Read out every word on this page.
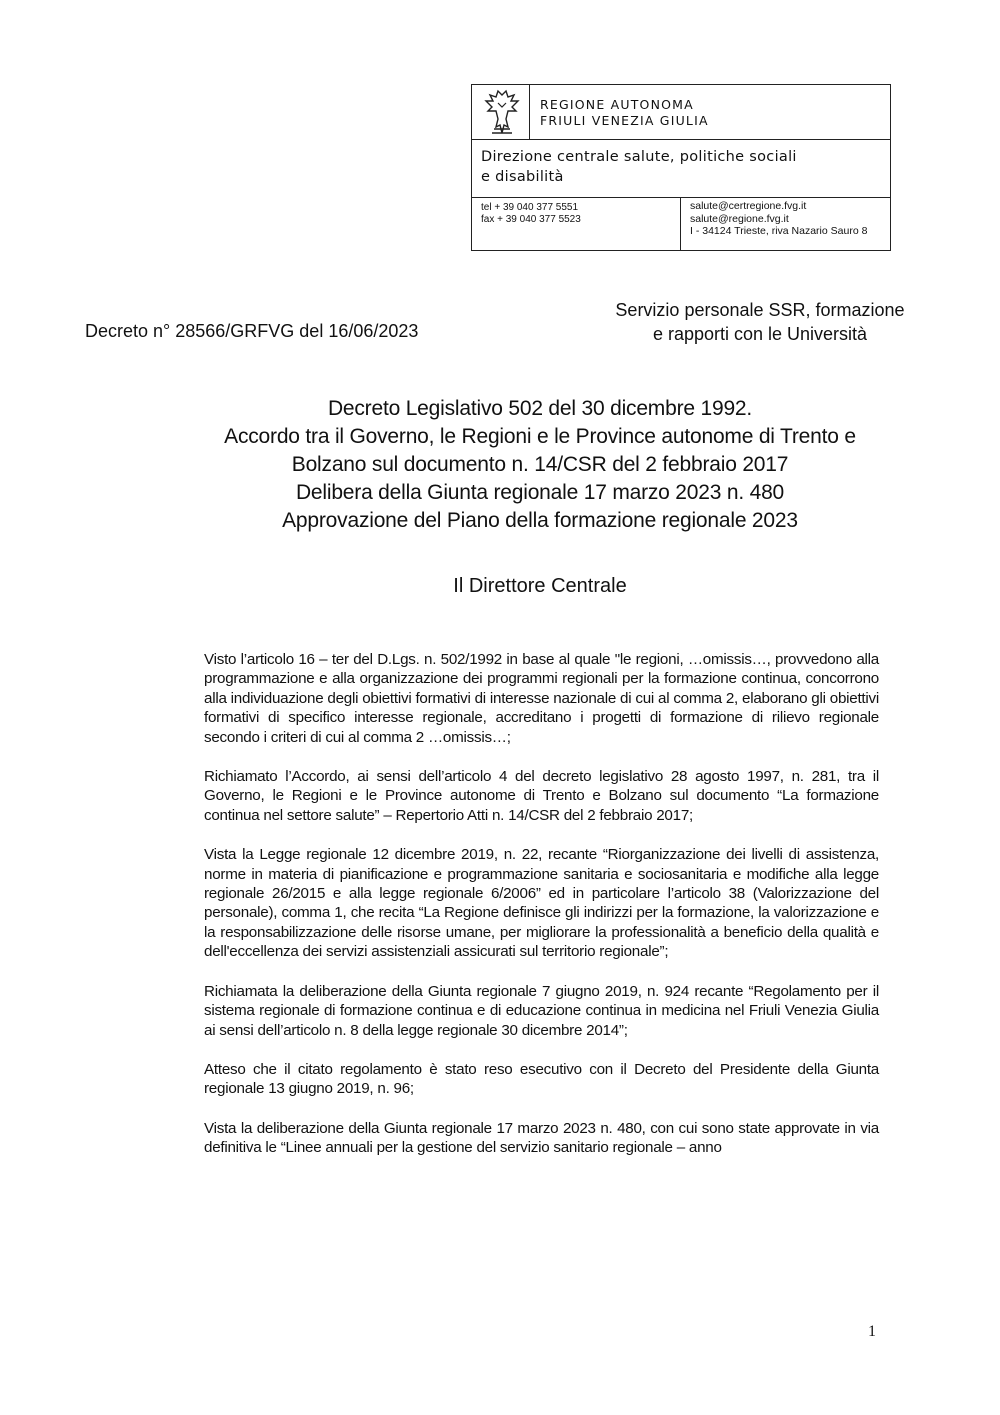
REGIONE AUTONOMA
FRIULI VENEZIA GIULIA
Direzione centrale salute, politiche sociali
e disabilità
tel + 39 040 377 5551
fax + 39 040 377 5523
salute@certregione.fvg.it
salute@regione.fvg.it
I - 34124 Trieste, riva Nazario Sauro 8
Decreto n° 28566/GRFVG del 16/06/2023
Servizio personale SSR, formazione
e rapporti con le Università
Decreto Legislativo 502 del 30 dicembre 1992.
Accordo tra il Governo, le Regioni e le Province autonome di Trento e
Bolzano sul documento n. 14/CSR del 2 febbraio 2017
Delibera della Giunta regionale 17 marzo 2023 n. 480
Approvazione del Piano della formazione regionale 2023
Il Direttore Centrale

Visto l’articolo 16 – ter del D.Lgs. n. 502/1992 in base al quale "le regioni, …omissis…, provvedono alla programmazione e alla organizzazione dei programmi regionali per la formazione continua, concorrono alla individuazione degli obiettivi formativi di interesse nazionale di cui al comma 2, elaborano gli obiettivi formativi di specifico interesse regionale, accreditano i progetti di formazione di rilievo regionale secondo i criteri di cui al comma 2 …omissis…;

Richiamato l’Accordo, ai sensi dell’articolo 4 del decreto legislativo 28 agosto 1997, n. 281, tra il Governo, le Regioni e le Province autonome di Trento e Bolzano sul documento “La formazione continua nel settore salute” – Repertorio Atti n. 14/CSR del 2 febbraio 2017;

Vista la Legge regionale 12 dicembre 2019, n. 22, recante “Riorganizzazione dei livelli di assistenza, norme in materia di pianificazione e programmazione sanitaria e sociosanitaria e modifiche alla legge regionale 26/2015 e alla legge regionale 6/2006” ed in particolare l’articolo 38 (Valorizzazione del personale), comma 1, che recita “La Regione definisce gli indirizzi per la formazione, la valorizzazione e la responsabilizzazione delle risorse umane, per migliorare la professionalità a beneficio della qualità e dell'eccellenza dei servizi assistenziali assicurati sul territorio regionale”;

Richiamata la deliberazione della Giunta regionale 7 giugno 2019, n. 924 recante “Regolamento per il sistema regionale di formazione continua e di educazione continua in medicina nel Friuli Venezia Giulia ai sensi dell’articolo n. 8 della legge regionale 30 dicembre 2014”;

Atteso che il citato regolamento è stato reso esecutivo con il Decreto del Presidente della Giunta regionale 13 giugno 2019, n. 96;

Vista la deliberazione della Giunta regionale 17 marzo 2023 n. 480, con cui sono state approvate in via definitiva le “Linee annuali per la gestione del servizio sanitario regionale – anno

1
